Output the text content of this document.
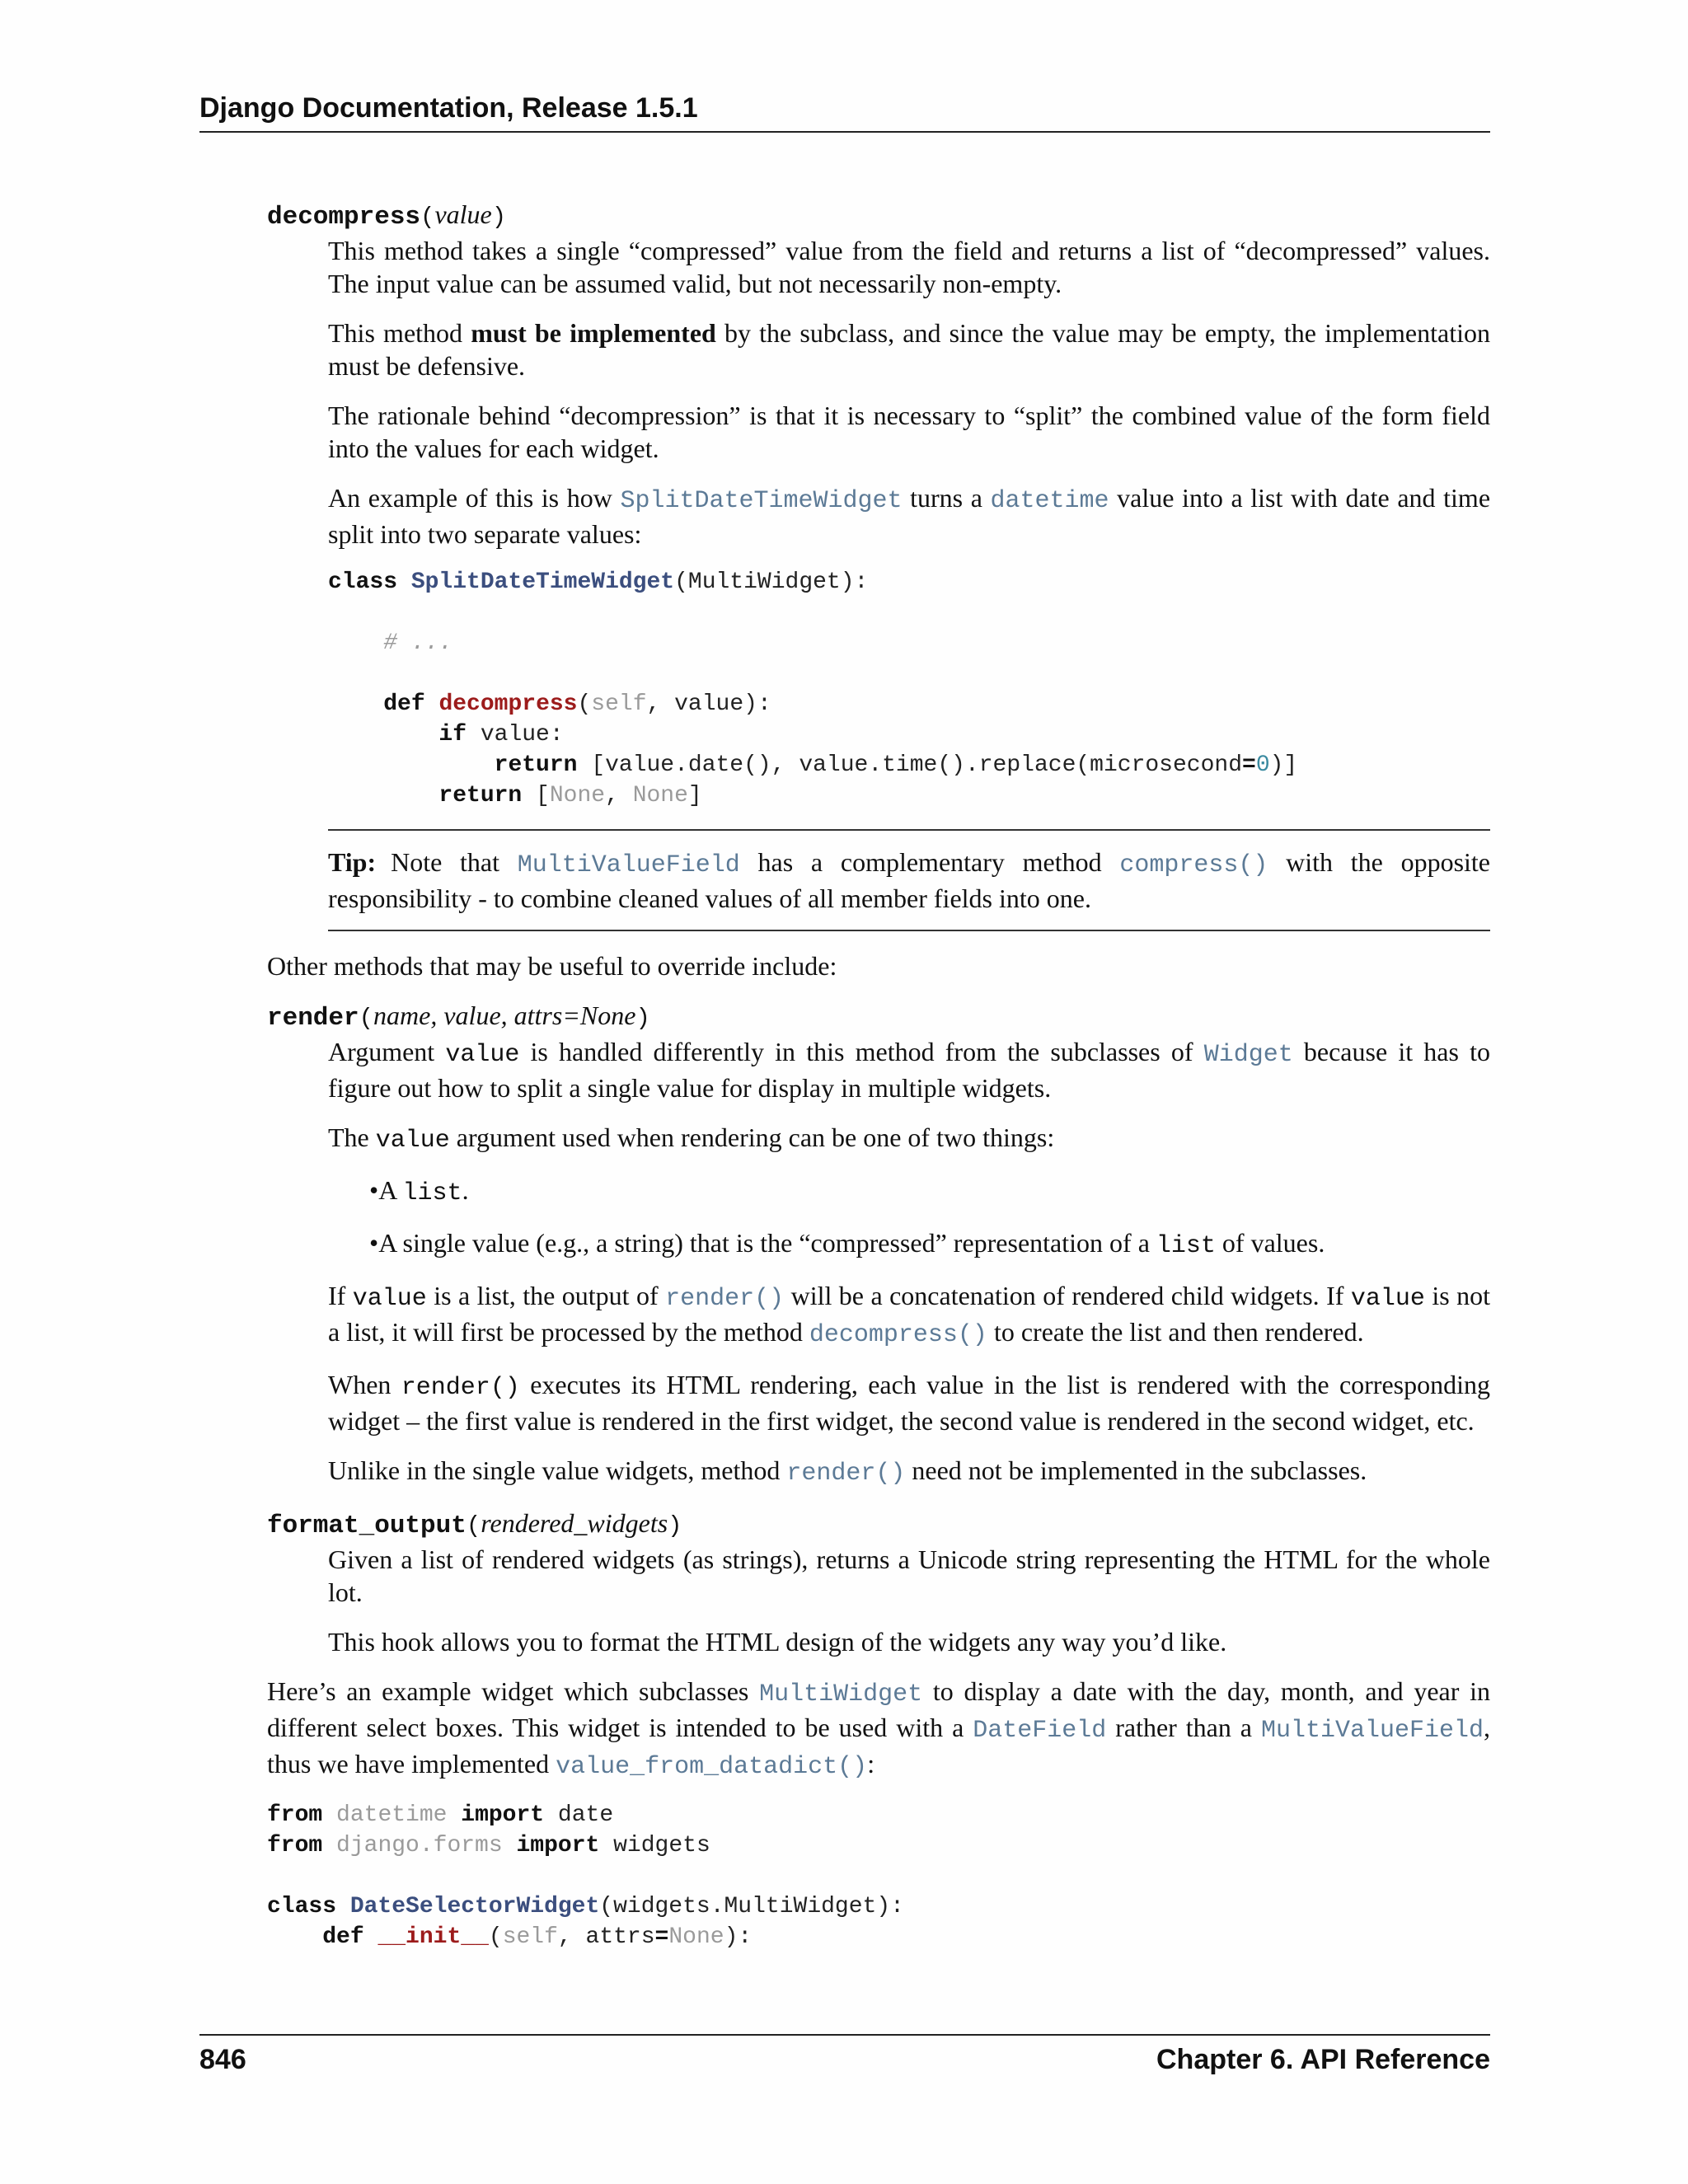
Django Documentation, Release 1.5.1

decompress(value)

This method takes a single “compressed” value from the field and returns a list of “decompressed” values. The input value can be assumed valid, but not necessarily non-empty.

This method must be implemented by the subclass, and since the value may be empty, the implementation must be defensive.

The rationale behind “decompression” is that it is necessary to “split” the combined value of the form field into the values for each widget.

An example of this is how SplitDateTimeWidget turns a datetime value into a list with date and time split into two separate values:

class SplitDateTimeWidget(MultiWidget):

# ...

def decompress(self, value):
if value:
return [value.date(), value.time().replace(microsecond=0)]
return [None, None]
Tip: Note that MultiValueField has a complementary method compress() with the opposite responsibility - to combine cleaned values of all member fields into one.

Other methods that may be useful to override include:

render(name, value, attrs=None)

Argument value is handled differently in this method from the subclasses of Widget because it has to figure out how to split a single value for display in multiple widgets.

The value argument used when rendering can be one of two things:

•A list.

•A single value (e.g., a string) that is the “compressed” representation of a list of values.

If value is a list, the output of render() will be a concatenation of rendered child widgets. If value is not a list, it will first be processed by the method decompress() to create the list and then rendered.

When render() executes its HTML rendering, each value in the list is rendered with the corresponding widget – the first value is rendered in the first widget, the second value is rendered in the second widget, etc.

Unlike in the single value widgets, method render() need not be implemented in the subclasses.

format_output(rendered_widgets)

Given a list of rendered widgets (as strings), returns a Unicode string representing the HTML for the whole lot.

This hook allows you to format the HTML design of the widgets any way you’d like.

Here’s an example widget which subclasses MultiWidget to display a date with the day, month, and year in different select boxes. This widget is intended to be used with a DateField rather than a MultiValueField, thus we have implemented value_from_datadict():

from datetime import date
from django.forms import widgets

class DateSelectorWidget(widgets.MultiWidget):
def __init__(self, attrs=None):
846	Chapter 6. API Reference
